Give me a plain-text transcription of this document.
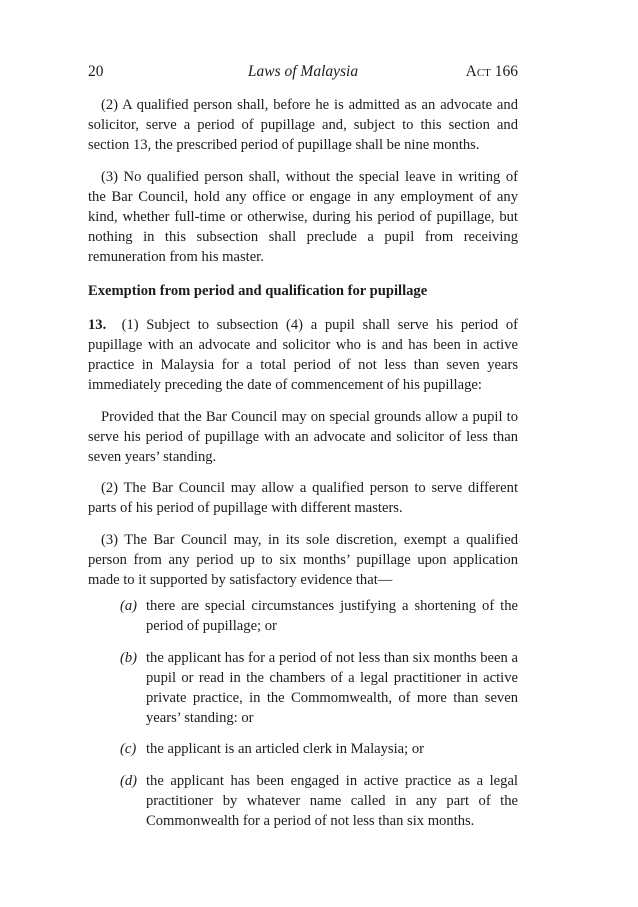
20	Laws of Malaysia	Act 166

(2) A qualified person shall, before he is admitted as an advocate and solicitor, serve a period of pupillage and, subject to this section and section 13, the prescribed period of pupillage shall be nine months.

(3) No qualified person shall, without the special leave in writing of the Bar Council, hold any office or engage in any employment of any kind, whether full-time or otherwise, during his period of pupillage, but nothing in this subsection shall preclude a pupil from receiving remuneration from his master.

Exemption from period and qualification for pupillage

13. (1) Subject to subsection (4) a pupil shall serve his period of pupillage with an advocate and solicitor who is and has been in active practice in Malaysia for a total period of not less than seven years immediately preceding the date of commencement of his pupillage:

Provided that the Bar Council may on special grounds allow a pupil to serve his period of pupillage with an advocate and solicitor of less than seven years’ standing.

(2) The Bar Council may allow a qualified person to serve different parts of his period of pupillage with different masters.

(3) The Bar Council may, in its sole discretion, exempt a qualified person from any period up to six months’ pupillage upon application made to it supported by satisfactory evidence that—

(a) there are special circumstances justifying a shortening of the period of pupillage; or
(b) the applicant has for a period of not less than six months been a pupil or read in the chambers of a legal practitioner in active private practice, in the Commomwealth, of more than seven years’ standing: or
(c) the applicant is an articled clerk in Malaysia; or
(d) the applicant has been engaged in active practice as a legal practitioner by whatever name called in any part of the Commonwealth for a period of not less than six months.
